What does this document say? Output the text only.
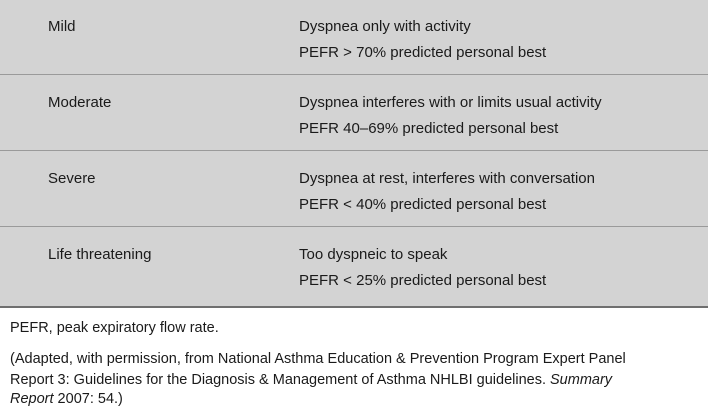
Mild	Dyspnea only with activity
PEFR > 70% predicted personal best
Moderate	Dyspnea interferes with or limits usual activity
PEFR 40–69% predicted personal best
Severe	Dyspnea at rest, interferes with conversation
PEFR < 40% predicted personal best
Life threatening	Too dyspneic to speak
PEFR < 25% predicted personal best
PEFR, peak expiratory flow rate.
(Adapted, with permission, from National Asthma Education & Prevention Program Expert Panel
Report 3: Guidelines for the Diagnosis & Management of Asthma NHLBI guidelines. Summary
Report 2007: 54.)
